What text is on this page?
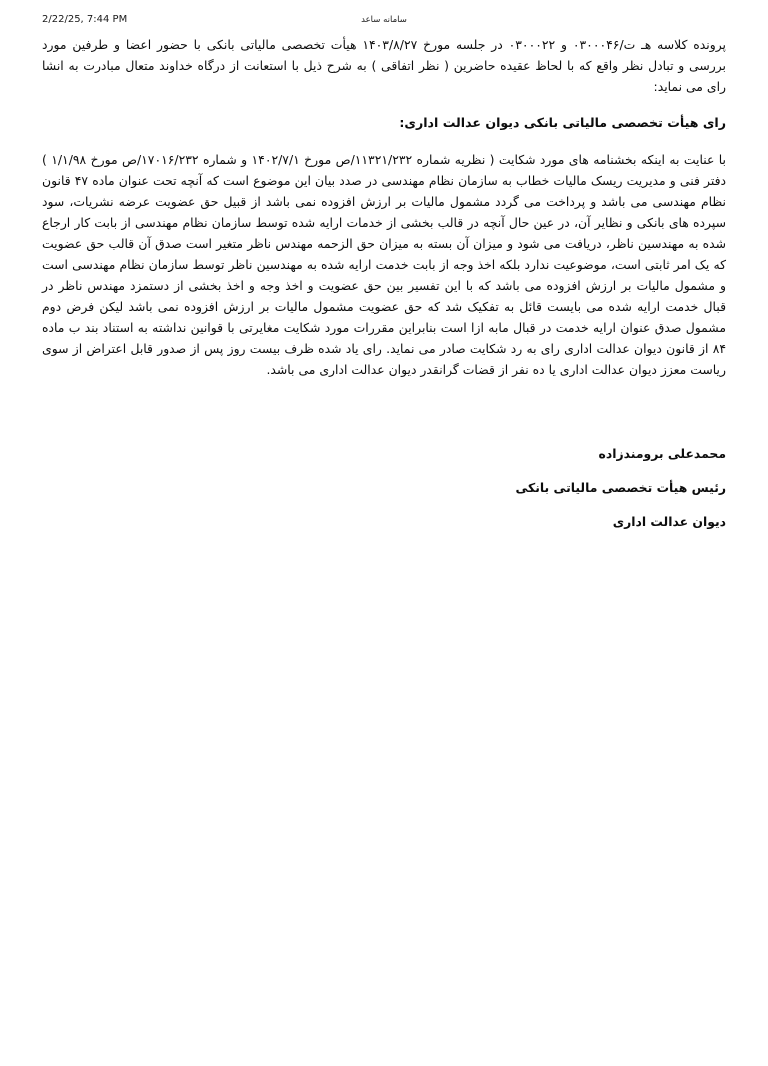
2/22/25, 7:44 PM	سامانه ساعد

پرونده کلاسه هـ ت/۰۳۰۰۰۴۶ و ۰۳۰۰۰۲۲ در جلسه مورخ ۱۴۰۳/۸/۲۷ هیأت تخصصی مالیاتی بانکی با حضور اعضا و طرفین مورد بررسی و تبادل نظر واقع که با لحاظ عقیده حاضرین ( نظر اتفاقی ) به شرح ذیل با استعانت از درگاه خداوند متعال مبادرت به انشا رای می نماید:

رای هیأت تخصصی مالیاتی بانکی دیوان عدالت اداری:

با عنایت به اینکه بخشنامه های مورد شکایت ( نظریه شماره ۱۱۳۲۱/۲۳۲/ص مورخ ۱۴۰۲/۷/۱ و شماره ۱۷۰۱۶/۲۳۲/ص مورخ ۱/۱/۹۸ ) دفتر فنی و مدیریت ریسک مالیات خطاب به سازمان نظام مهندسی در صدد بیان این موضوع است که آنچه تحت عنوان ماده ۴۷ قانون نظام مهندسی می باشد و پرداخت می گردد مشمول مالیات بر ارزش افزوده نمی باشد از قبیل حق عضویت عرضه نشریات، سود سپرده های بانکی و نظایر آن، در عین حال آنچه در قالب بخشی از خدمات ارایه شده توسط سازمان نظام مهندسی از بابت کار ارجاع شده به مهندسین ناظر، دریافت می شود و میزان آن بسته به میزان حق الزحمه مهندس ناظر متغیر است صدق آن قالب حق عضویت که یک امر ثابتی است، موضوعیت ندارد بلکه اخذ وجه از بابت خدمت ارایه شده به مهندسین ناظر توسط سازمان نظام مهندسی است و مشمول مالیات بر ارزش افزوده می باشد که با این تفسیر بین حق عضویت و اخذ وجه و اخذ بخشی از دستمزد مهندس ناظر در قبال خدمت ارایه شده می بایست قائل به تفکیک شد که حق عضویت مشمول مالیات بر ارزش افزوده نمی باشد لیکن فرض دوم مشمول صدق عنوان ارایه خدمت در قبال مابه ازا است بنابراین مقررات مورد شکایت مغایرتی با قوانین نداشته به استناد بند ب ماده ۸۴ از قانون دیوان عدالت اداری رای به رد شکایت صادر می نماید. رای یاد شده ظرف بیست روز پس از صدور قابل اعتراض از سوی ریاست معزز دیوان عدالت اداری یا ده نفر از قضات گرانقدر دیوان عدالت اداری می باشد.

محمدعلی برومندزاده
رئیس هیأت تخصصی مالیاتی بانکی
دیوان عدالت اداری
